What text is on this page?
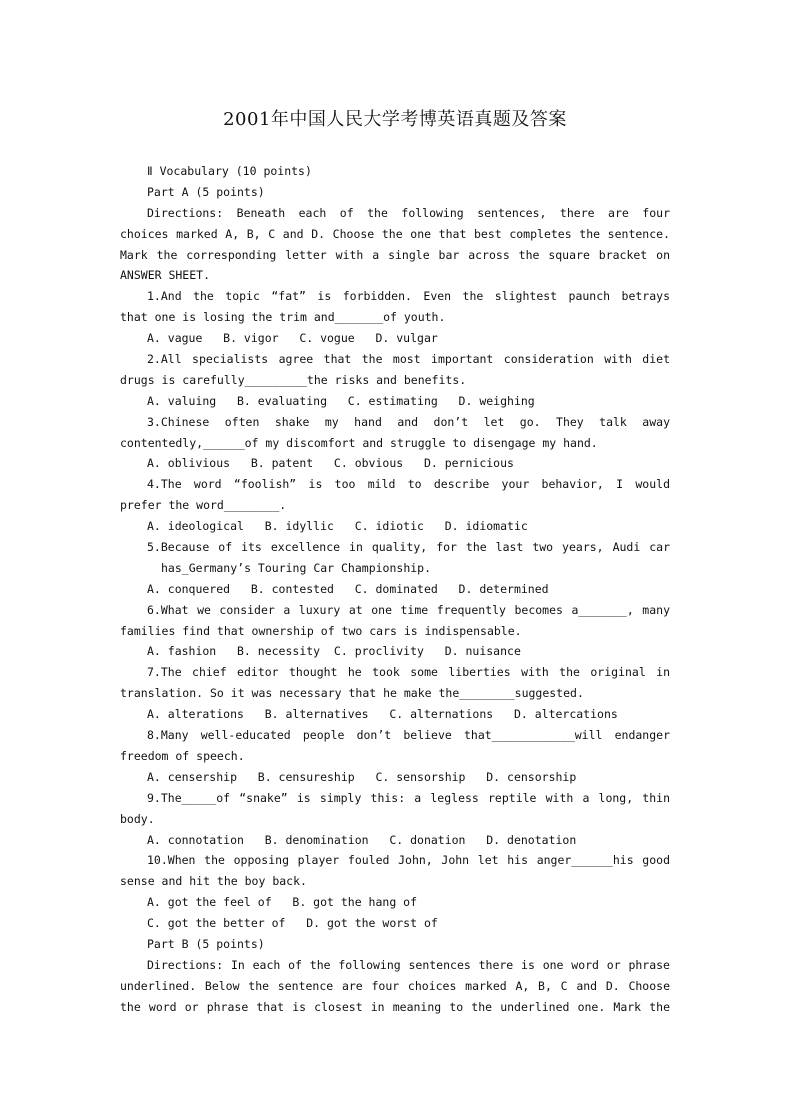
2001年中国人民大学考博英语真题及答案
Ⅱ Vocabulary (10 points)
Part A (5 points)
Directions: Beneath each of the following sentences, there are four
choices marked A, B, C and D. Choose the one that best completes the sentence.
Mark the corresponding letter with a single bar across the square bracket on
ANSWER SHEET.
1.And the topic “fat” is forbidden. Even the slightest paunch betrays
that one is losing the trim and_______of youth.
A. vague   B. vigor   C. vogue   D. vulgar
2.All specialists agree that the most important consideration with diet
drugs is carefully_________the risks and benefits.
A. valuing   B. evaluating   C. estimating   D. weighing
3.Chinese often shake my hand and don’t let go. They talk away
contentedly,______of my discomfort and struggle to disengage my hand.
A. oblivious   B. patent   C. obvious   D. pernicious
4.The word “foolish” is too mild to describe your behavior, I would
prefer the word________.
A. ideological   B. idyllic   C. idiotic   D. idiomatic
5.Because of its excellence in quality, for the last two years, Audi car
has_Germany’s Touring Car Championship.
A. conquered   B. contested   C. dominated   D. determined
6.What we consider a luxury at one time frequently becomes a_______, many
families find that ownership of two cars is indispensable.
A. fashion   B. necessity  C. proclivity   D. nuisance
7.The chief editor thought he took some liberties with the original in
translation. So it was necessary that he make the________suggested.
A. alterations   B. alternatives   C. alternations   D. altercations
8.Many well-educated people don’t believe that____________will endanger
freedom of speech.
A. censership   B. censureship   C. sensorship   D. censorship
9.The_____of “snake” is simply this: a legless reptile with a long, thin
body.
A. connotation   B. denomination   C. donation   D. denotation
10.When the opposing player fouled John, John let his anger______his good
sense and hit the boy back.
A. got the feel of   B. got the hang of
C. got the better of   D. got the worst of
Part B (5 points)
Directions: In each of the following sentences there is one word or phrase
underlined. Below the sentence are four choices marked A, B, C and D. Choose
the word or phrase that is closest in meaning to the underlined one. Mark the
